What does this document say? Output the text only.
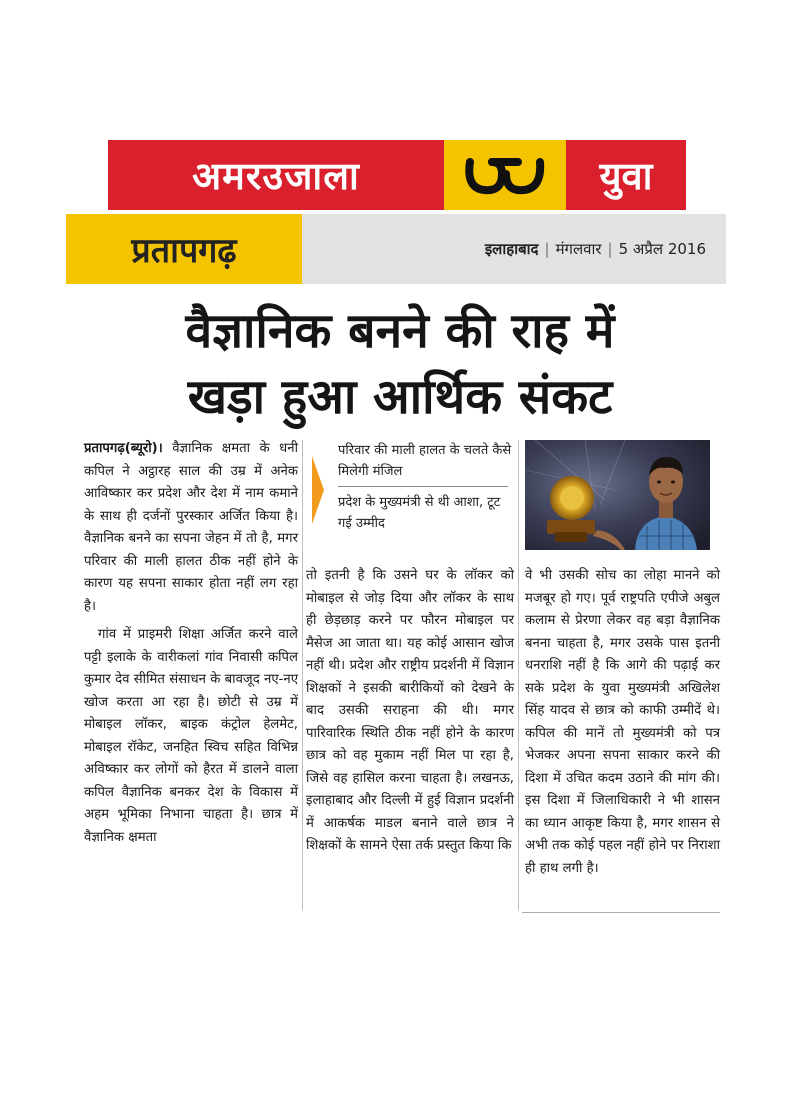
अमरउजाला	युवा
प्रतापगढ़	इलाहाबाद | मंगलवार | 5 अप्रैल 2016
वैज्ञानिक बनने की राह में
खड़ा हुआ आर्थिक संकट

प्रतापगढ़(ब्यूरो)। वैज्ञानिक क्षमता के धनी कपिल ने अट्ठारह साल की उम्र में अनेक आविष्कार कर प्रदेश और देश में नाम कमाने के साथ ही दर्जनों पुरस्कार अर्जित किया है। वैज्ञानिक बनने का सपना जेहन में तो है, मगर परिवार की माली हालत ठीक नहीं होने के कारण यह सपना साकार होता नहीं लग रहा है।

गांव में प्राइमरी शिक्षा अर्जित करने वाले पट्टी इलाके के वारीकलां गांव निवासी कपिल कुमार देव सीमित संसाधन के बावजूद नए-नए खोज करता आ रहा है। छोटी से उम्र में मोबाइल लॉकर, बाइक कंट्रोल हेलमेट, मोबाइल रॉकेट, जनहित स्विच सहित विभिन्न अविष्कार कर लोगों को हैरत में डालने वाला कपिल वैज्ञानिक बनकर देश के विकास में अहम भूमिका निभाना चाहता है। छात्र में वैज्ञानिक क्षमता

परिवार की माली हालत के चलते कैसे मिलेगी मंजिल
प्रदेश के मुख्यमंत्री से थी आशा, टूट गई उम्मीद

तो इतनी है कि उसने घर के लॉकर को मोबाइल से जोड़ दिया और लॉकर के साथ ही छेड़छाड़ करने पर फौरन मोबाइल पर मैसेज आ जाता था। यह कोई आसान खोज नहीं थी। प्रदेश और राष्ट्रीय प्रदर्शनी में विज्ञान शिक्षकों ने इसकी बारीकियों को देखने के बाद उसकी सराहना की थी। मगर पारिवारिक स्थिति ठीक नहीं होने के कारण छात्र को वह मुकाम नहीं मिल पा रहा है, जिसे वह हासिल करना चाहता है। लखनऊ, इलाहाबाद और दिल्ली में हुई विज्ञान प्रदर्शनी में आकर्षक माडल बनाने वाले छात्र ने शिक्षकों के सामने ऐसा तर्क प्रस्तुत किया कि

वे भी उसकी सोच का लोहा मानने को मजबूर हो गए। पूर्व राष्ट्रपति एपीजे अबुल कलाम से प्रेरणा लेकर वह बड़ा वैज्ञानिक बनना चाहता है, मगर उसके पास इतनी धनराशि नहीं है कि आगे की पढ़ाई कर सके प्रदेश के युवा मुख्यमंत्री अखिलेश सिंह यादव से छात्र को काफी उम्मीदें थे। कपिल की मानें तो मुख्यमंत्री को पत्र भेजकर अपना सपना साकार करने की दिशा में उचित कदम उठाने की मांग की। इस दिशा में जिलाधिकारी ने भी शासन का ध्यान आकृष्ट किया है, मगर शासन से अभी तक कोई पहल नहीं होने पर निराशा ही हाथ लगी है।
